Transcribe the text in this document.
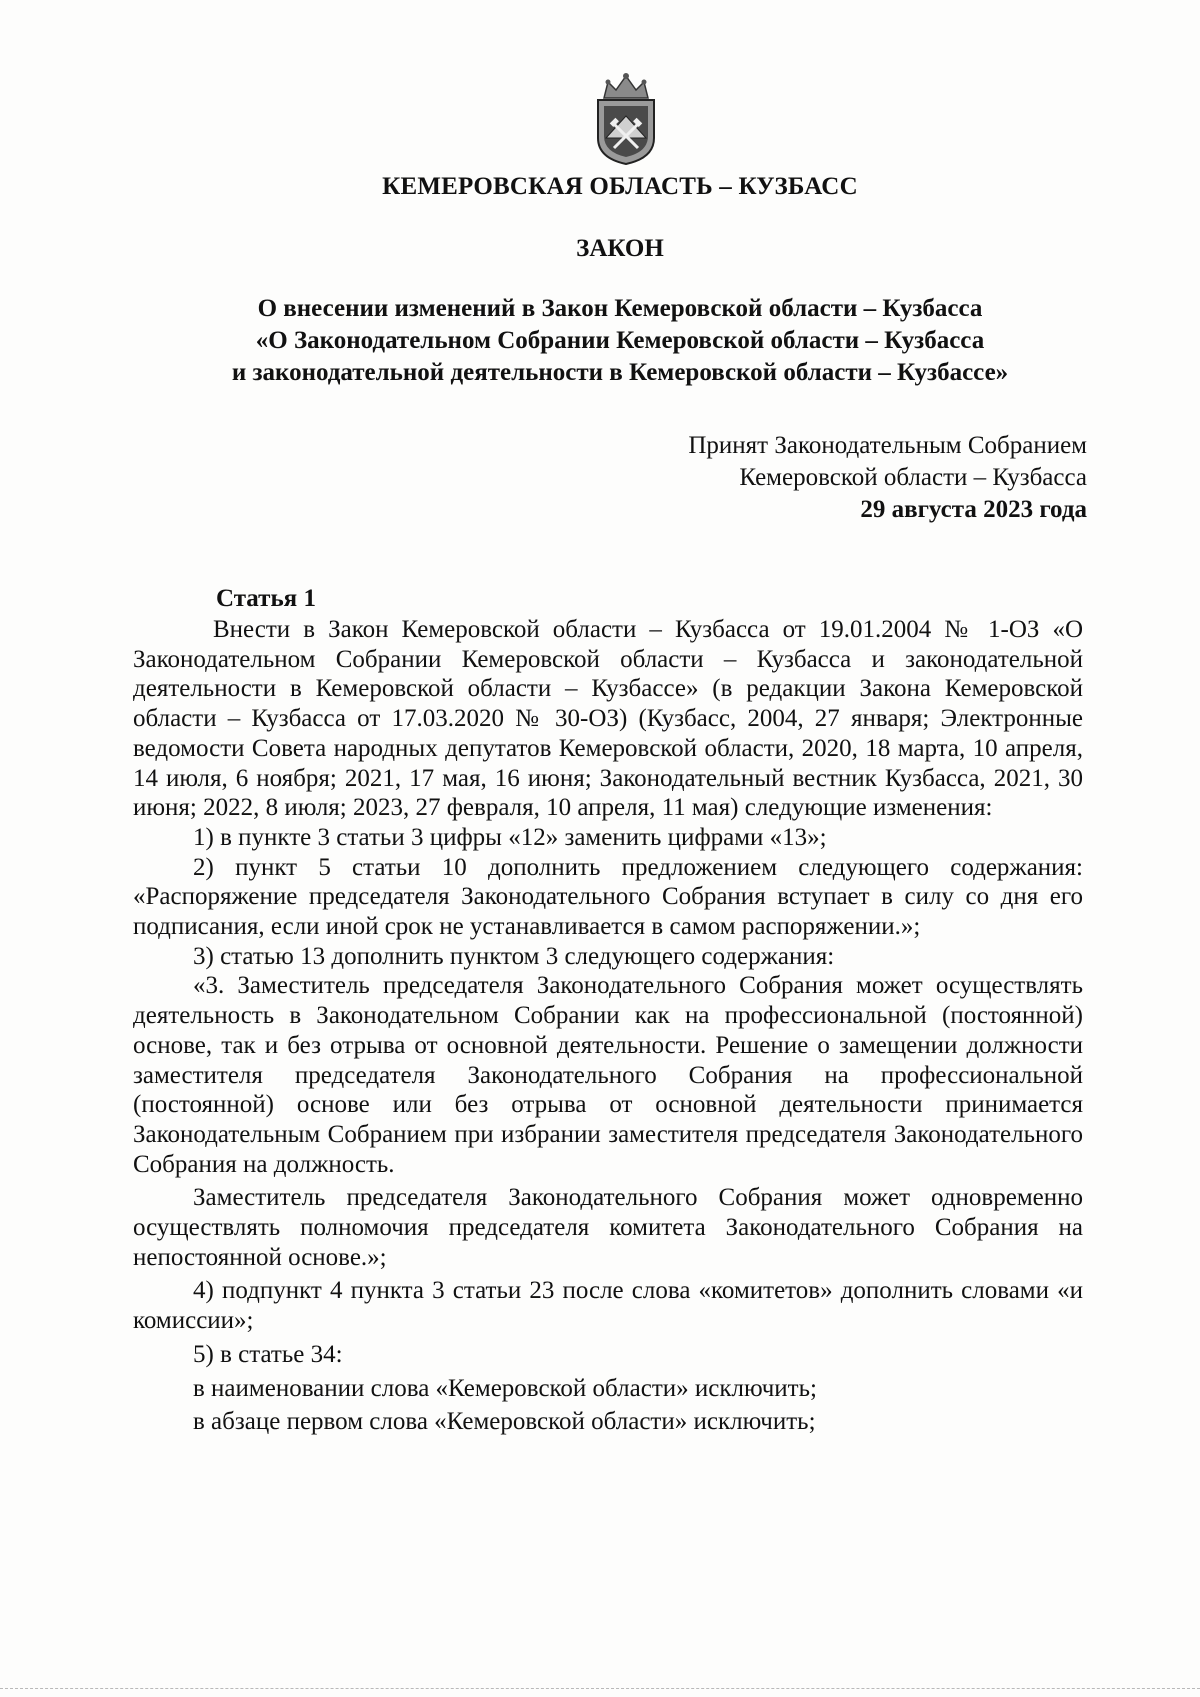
КЕМЕРОВСКАЯ ОБЛАСТЬ – КУЗБАСС
ЗАКОН
О внесении изменений в Закон Кемеровской области – Кузбасса
«О Законодательном Собрании Кемеровской области – Кузбасса
и законодательной деятельности в Кемеровской области – Кузбассе»
Принят Законодательным Собранием
Кемеровской области – Кузбасса
29 августа 2023 года
Статья 1

Внести в Закон Кемеровской области – Кузбасса от 19.01.2004 № 1-ОЗ «О Законодательном Собрании Кемеровской области – Кузбасса и законодательной деятельности в Кемеровской области – Кузбассе» (в редакции Закона Кемеровской области – Кузбасса от 17.03.2020 № 30-ОЗ) (Кузбасс, 2004, 27 января; Электронные ведомости Совета народных депутатов Кемеровской области, 2020, 18 марта, 10 апреля, 14 июля, 6 ноября; 2021, 17 мая, 16 июня; Законодательный вестник Кузбасса, 2021, 30 июня; 2022, 8 июля; 2023, 27 февраля, 10 апреля, 11 мая) следующие изменения:

1) в пункте 3 статьи 3 цифры «12» заменить цифрами «13»;

2) пункт 5 статьи 10 дополнить предложением следующего содержания: «Распоряжение председателя Законодательного Собрания вступает в силу со дня его подписания, если иной срок не устанавливается в самом распоряжении.»;

3) статью 13 дополнить пунктом 3 следующего содержания:

«3. Заместитель председателя Законодательного Собрания может осуществлять деятельность в Законодательном Собрании как на профессиональной (постоянной) основе, так и без отрыва от основной деятельности. Решение о замещении должности заместителя председателя Законодательного Собрания на профессиональной (постоянной) основе или без отрыва от основной деятельности принимается Законодательным Собранием при избрании заместителя председателя Законодательного Собрания на должность.

Заместитель председателя Законодательного Собрания может одновременно осуществлять полномочия председателя комитета Законодательного Собрания на непостоянной основе.»;

4) подпункт 4 пункта 3 статьи 23 после слова «комитетов» дополнить словами «и комиссии»;

5) в статье 34:

в наименовании слова «Кемеровской области» исключить;

в абзаце первом слова «Кемеровской области» исключить;
